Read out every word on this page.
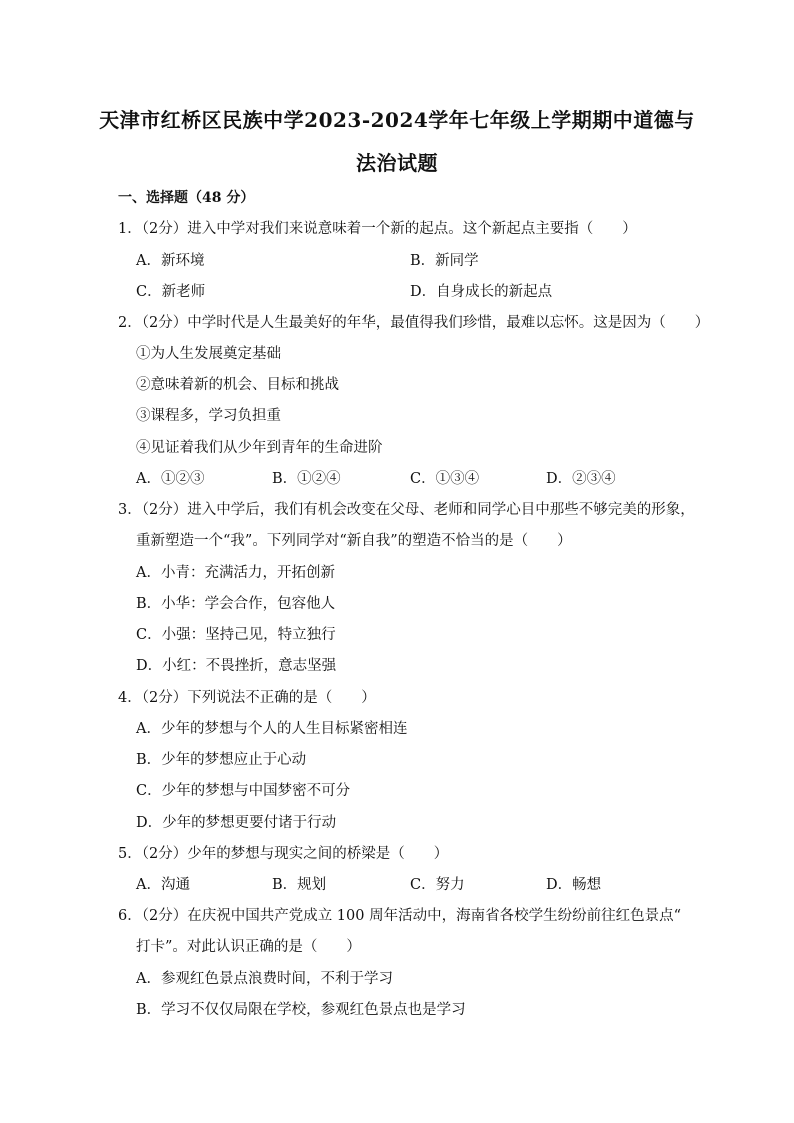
天津市红桥区民族中学2023-2024学年七年级上学期期中道德与
法治试题
一、选择题（48 分）
1．（2分）进入中学对我们来说意味着一个新的起点。这个新起点主要指（　　）
A．新环境	B．新同学
C．新老师	D．自身成长的新起点
2．（2分）中学时代是人生最美好的年华，最值得我们珍惜，最难以忘怀。这是因为（　　）
①为人生发展奠定基础
②意味着新的机会、目标和挑战
③课程多，学习负担重
④见证着我们从少年到青年的生命进阶
A．①②③	B．①②④	C．①③④	D．②③④
3．（2分）进入中学后，我们有机会改变在父母、老师和同学心目中那些不够完美的形象，
重新塑造一个“我”。下列同学对“新自我”的塑造不恰当的是（　　）
A．小青：充满活力，开拓创新
B．小华：学会合作，包容他人
C．小强：坚持己见，特立独行
D．小红：不畏挫折，意志坚强
4．（2分）下列说法不正确的是（　　）
A．少年的梦想与个人的人生目标紧密相连
B．少年的梦想应止于心动
C．少年的梦想与中国梦密不可分
D．少年的梦想更要付诸于行动
5．（2分）少年的梦想与现实之间的桥梁是（　　）
A．沟通	B．规划	C．努力	D．畅想
6．（2分）在庆祝中国共产党成立 100 周年活动中，海南省各校学生纷纷前往红色景点“
打卡”。对此认识正确的是（　　）
A．参观红色景点浪费时间，不利于学习
B．学习不仅仅局限在学校，参观红色景点也是学习
